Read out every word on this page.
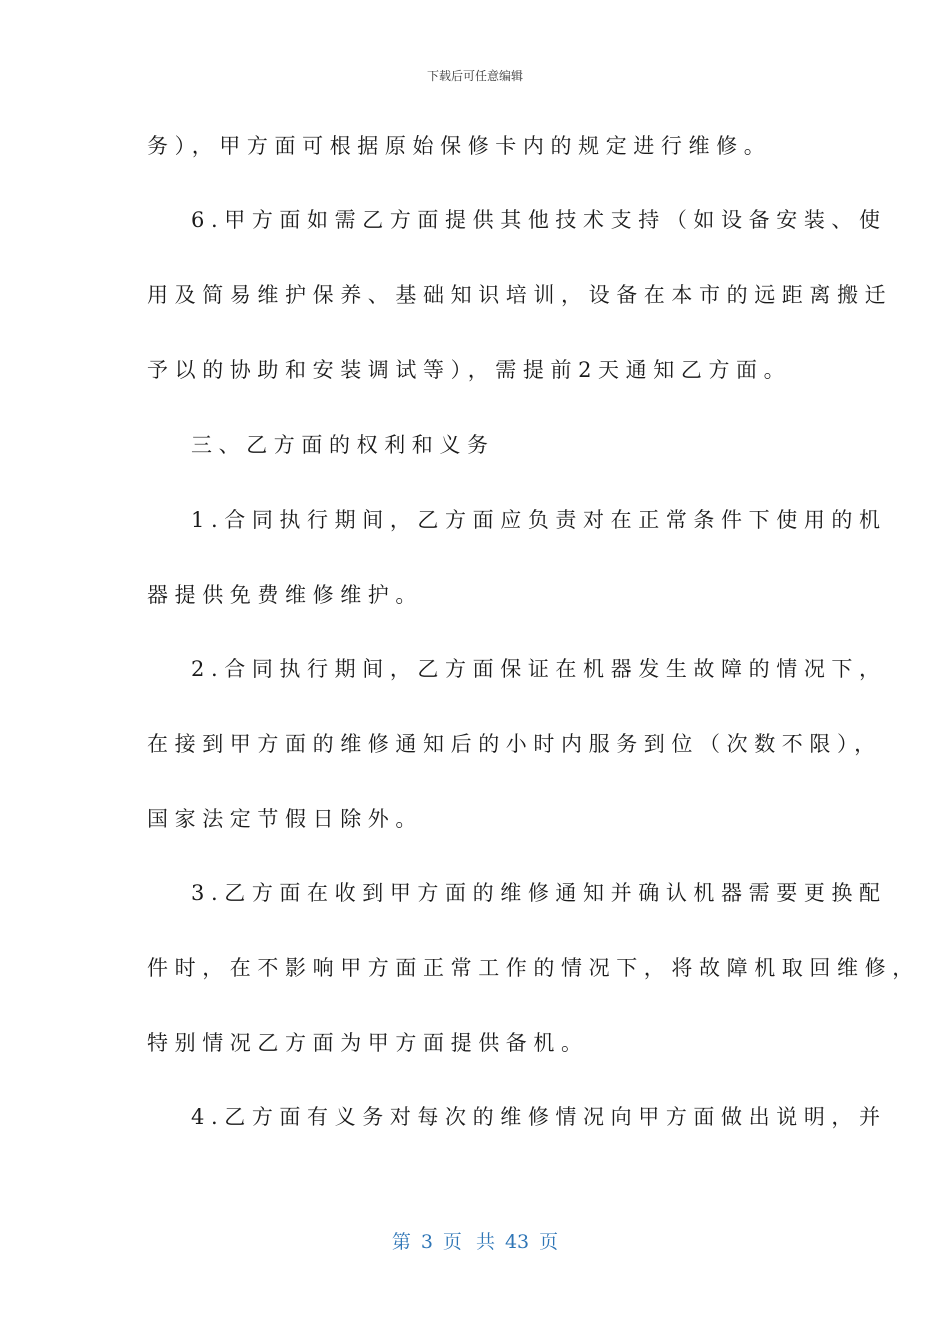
下载后可任意编辑
务），甲方面可根据原始保修卡内的规定进行维修。
6.甲方面如需乙方面提供其他技术支持（如设备安装、使
用及简易维护保养、基础知识培训，设备在本市的远距离搬迁
予以的协助和安装调试等），需提前2天通知乙方面。
三、乙方面的权利和义务
1.合同执行期间，乙方面应负责对在正常条件下使用的机
器提供免费维修维护。
2.合同执行期间，乙方面保证在机器发生故障的情况下，
在接到甲方面的维修通知后的小时内服务到位（次数不限），
国家法定节假日除外。
3.乙方面在收到甲方面的维修通知并确认机器需要更换配
件时，在不影响甲方面正常工作的情况下，将故障机取回维修，
特别情况乙方面为甲方面提供备机。
4.乙方面有义务对每次的维修情况向甲方面做出说明，并
第 3 页 共 43 页
